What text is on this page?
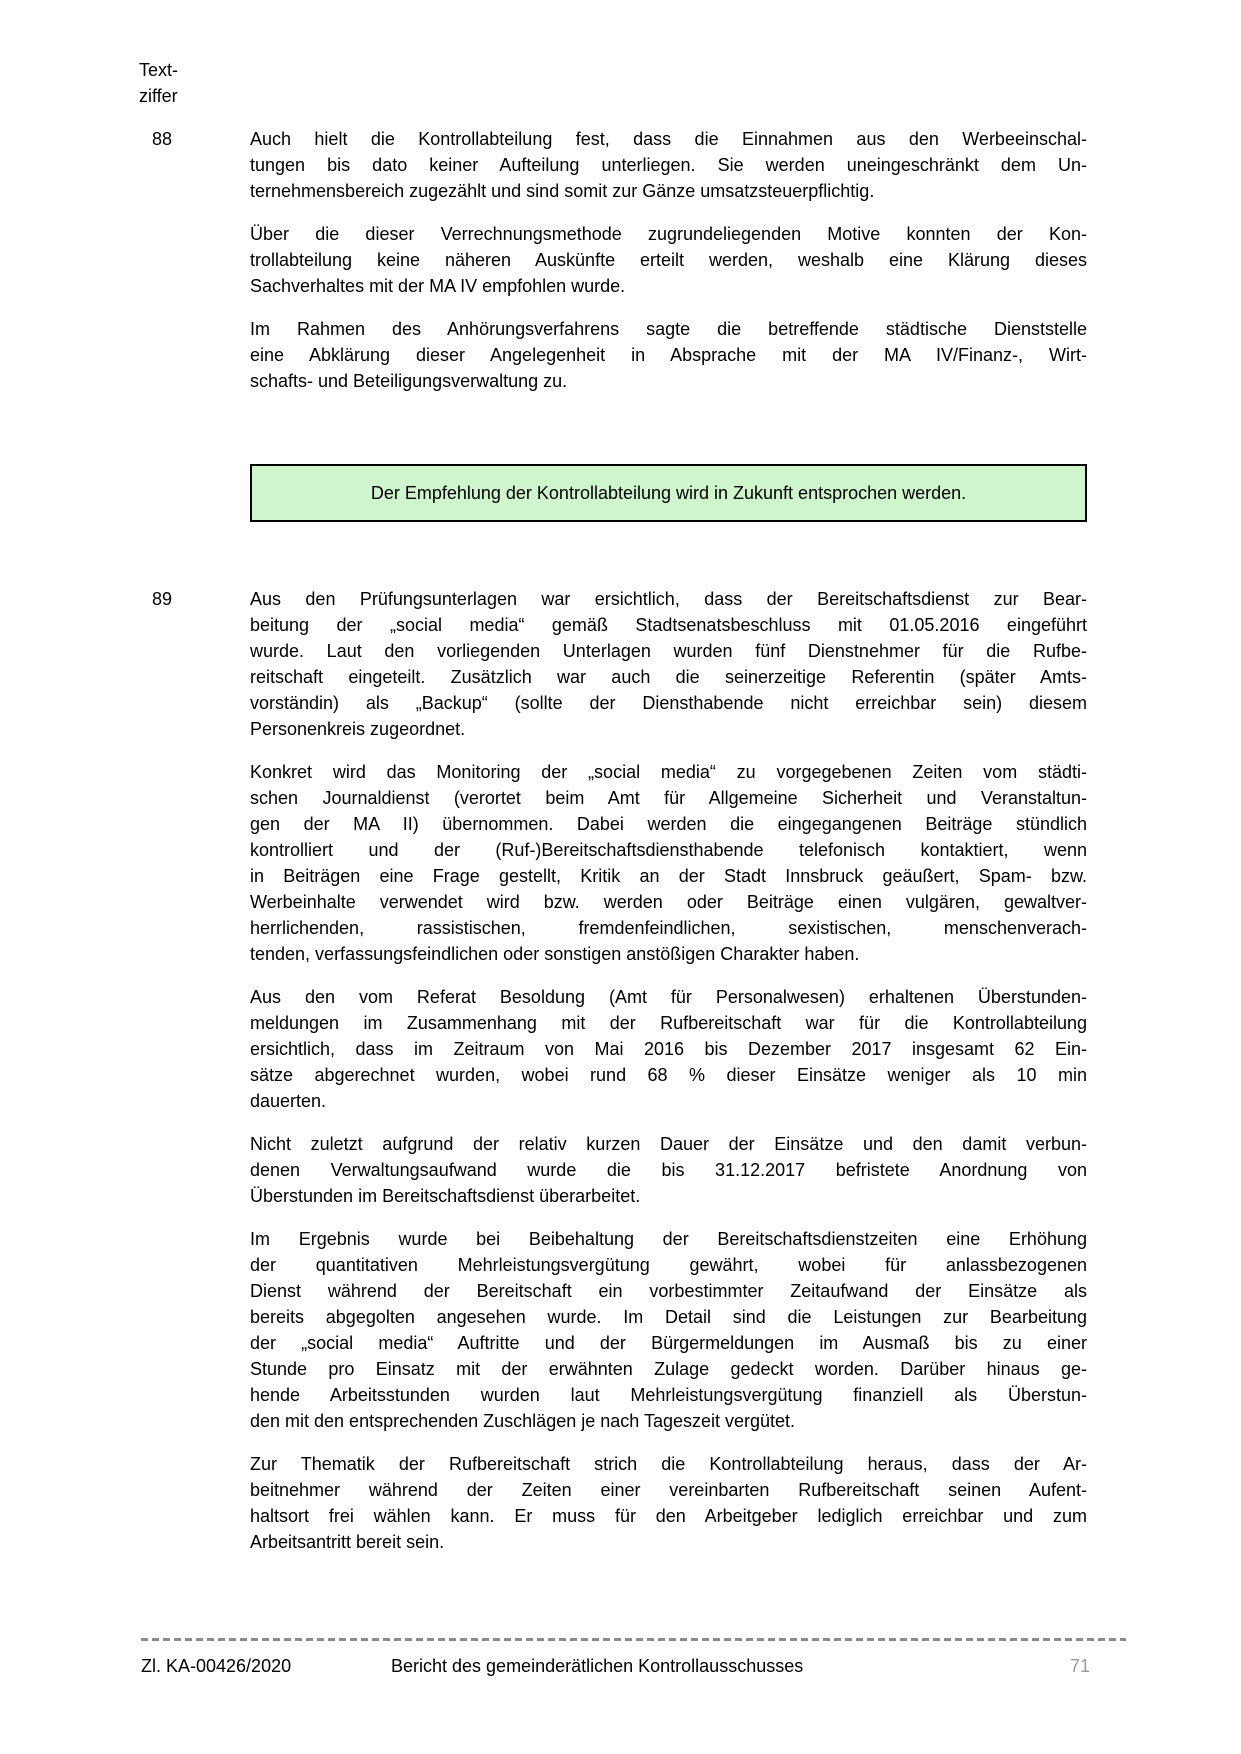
Text-
ziffer
88	Auch hielt die Kontrollabteilung fest, dass die Einnahmen aus den Werbeeinschal-
tungen bis dato keiner Aufteilung unterliegen. Sie werden uneingeschränkt dem Un-
ternehmensbereich zugezählt und sind somit zur Gänze umsatzsteuerpflichtig.
Über die dieser Verrechnungsmethode zugrundeliegenden Motive konnten der Kon-
trollabteilung keine näheren Auskünfte erteilt werden, weshalb eine Klärung dieses
Sachverhaltes mit der MA IV empfohlen wurde.
Im Rahmen des Anhörungsverfahrens sagte die betreffende städtische Dienststelle
eine Abklärung dieser Angelegenheit in Absprache mit der MA IV/Finanz-, Wirt-
schafts- und Beteiligungsverwaltung zu.
Der Empfehlung der Kontrollabteilung wird in Zukunft entsprochen werden.
89	Aus den Prüfungsunterlagen war ersichtlich, dass der Bereitschaftsdienst zur Bear-
beitung der „social media“ gemäß Stadtsenatsbeschluss mit 01.05.2016 eingeführt
wurde. Laut den vorliegenden Unterlagen wurden fünf Dienstnehmer für die Rufbe-
reitschaft eingeteilt. Zusätzlich war auch die seinerzeitige Referentin (später Amts-
vorständin) als „Backup“ (sollte der Diensthabende nicht erreichbar sein) diesem
Personenkreis zugeordnet.
Konkret wird das Monitoring der „social media“ zu vorgegebenen Zeiten vom städti-
schen Journaldienst (verortet beim Amt für Allgemeine Sicherheit und Veranstaltun-
gen der MA II) übernommen. Dabei werden die eingegangenen Beiträge stündlich
kontrolliert und der (Ruf-)Bereitschaftsdiensthabende telefonisch kontaktiert, wenn
in Beiträgen eine Frage gestellt, Kritik an der Stadt Innsbruck geäußert, Spam- bzw.
Werbeinhalte verwendet wird bzw. werden oder Beiträge einen vulgären, gewaltver-
herrlichenden, rassistischen, fremdenfeindlichen, sexistischen, menschenverach-
tenden, verfassungsfeindlichen oder sonstigen anstößigen Charakter haben.
Aus den vom Referat Besoldung (Amt für Personalwesen) erhaltenen Überstunden-
meldungen im Zusammenhang mit der Rufbereitschaft war für die Kontrollabteilung
ersichtlich, dass im Zeitraum von Mai 2016 bis Dezember 2017 insgesamt 62 Ein-
sätze abgerechnet wurden, wobei rund 68 % dieser Einsätze weniger als 10 min
dauerten.
Nicht zuletzt aufgrund der relativ kurzen Dauer der Einsätze und den damit verbun-
denen Verwaltungsaufwand wurde die bis 31.12.2017 befristete Anordnung von
Überstunden im Bereitschaftsdienst überarbeitet.
Im Ergebnis wurde bei Beibehaltung der Bereitschaftsdienstzeiten eine Erhöhung
der quantitativen Mehrleistungsvergütung gewährt, wobei für anlassbezogenen
Dienst während der Bereitschaft ein vorbestimmter Zeitaufwand der Einsätze als
bereits abgegolten angesehen wurde. Im Detail sind die Leistungen zur Bearbeitung
der „social media“ Auftritte und der Bürgermeldungen im Ausmaß bis zu einer
Stunde pro Einsatz mit der erwähnten Zulage gedeckt worden. Darüber hinaus ge-
hende Arbeitsstunden wurden laut Mehrleistungsvergütung finanziell als Überstun-
den mit den entsprechenden Zuschlägen je nach Tageszeit vergütet.
Zur Thematik der Rufbereitschaft strich die Kontrollabteilung heraus, dass der Ar-
beitnehmer während der Zeiten einer vereinbarten Rufbereitschaft seinen Aufent-
haltsort frei wählen kann. Er muss für den Arbeitgeber lediglich erreichbar und zum
Arbeitsantritt bereit sein.
Zl. KA-00426/2020	Bericht des gemeinderätlichen Kontrollausschusses	71
